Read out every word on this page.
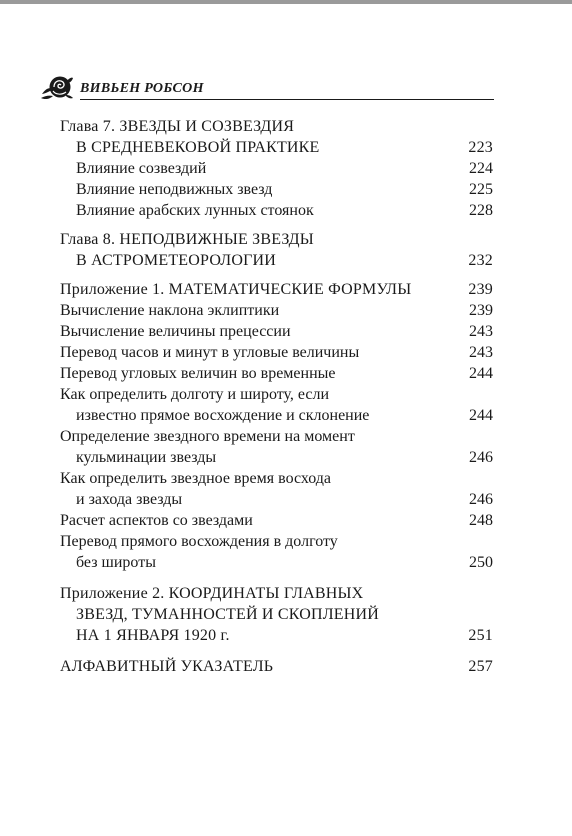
ВИВЬЕН РОБСОН
Глава 7. ЗВЕЗДЫ И СОЗВЕЗДИЯ
В СРЕДНЕВЕКОВОЙ ПРАКТИКЕ	223
Влияние созвездий	224
Влияние неподвижных звезд	225
Влияние арабских лунных стоянок	228
Глава 8. НЕПОДВИЖНЫЕ ЗВЕЗДЫ
В АСТРОМЕТЕОРОЛОГИИ	232
Приложение 1. МАТЕМАТИЧЕСКИЕ ФОРМУЛЫ	239
Вычисление наклона эклиптики	239
Вычисление величины прецессии	243
Перевод часов и минут в угловые величины	243
Перевод угловых величин во временные	244
Как определить долготу и широту, если
известно прямое восхождение и склонение	244
Определение звездного времени на момент
кульминации звезды	246
Как определить звездное время восхода
и захода звезды	246
Расчет аспектов со звездами	248
Перевод прямого восхождения в долготу
без широты	250
Приложение 2. КООРДИНАТЫ ГЛАВНЫХ
ЗВЕЗД, ТУМАННОСТЕЙ И СКОПЛЕНИЙ
НА 1 ЯНВАРЯ 1920 г.	251
АЛФАВИТНЫЙ УКАЗАТЕЛЬ	257
